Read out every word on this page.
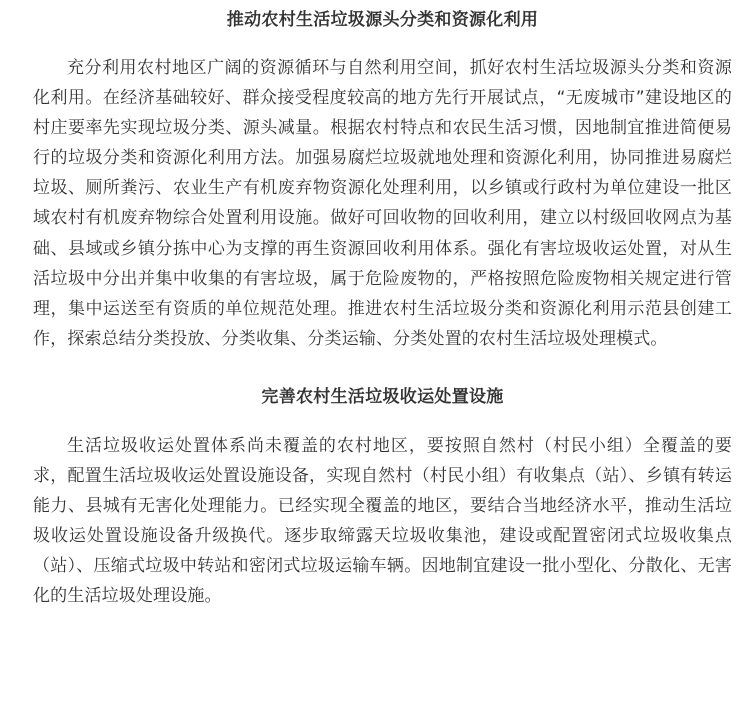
推动农村生活垃圾源头分类和资源化利用

充分利用农村地区广阔的资源循环与自然利用空间，抓好农村生活垃圾源头分类和资源化利用。在经济基础较好、群众接受程度较高的地方先行开展试点，“无废城市”建设地区的村庄要率先实现垃圾分类、源头减量。根据农村特点和农民生活习惯，因地制宜推进简便易行的垃圾分类和资源化利用方法。加强易腐烂垃圾就地处理和资源化利用，协同推进易腐烂垃圾、厕所粪污、农业生产有机废弃物资源化处理利用，以乡镇或行政村为单位建设一批区域农村有机废弃物综合处置利用设施。做好可回收物的回收利用，建立以村级回收网点为基础、县域或乡镇分拣中心为支撑的再生资源回收利用体系。强化有害垃圾收运处置，对从生活垃圾中分出并集中收集的有害垃圾，属于危险废物的，严格按照危险废物相关规定进行管理，集中运送至有资质的单位规范处理。推进农村生活垃圾分类和资源化利用示范县创建工作，探索总结分类投放、分类收集、分类运输、分类处置的农村生活垃圾处理模式。

完善农村生活垃圾收运处置设施

生活垃圾收运处置体系尚未覆盖的农村地区，要按照自然村（村民小组）全覆盖的要求，配置生活垃圾收运处置设施设备，实现自然村（村民小组）有收集点（站）、乡镇有转运能力、县城有无害化处理能力。已经实现全覆盖的地区，要结合当地经济水平，推动生活垃圾收运处置设施设备升级换代。逐步取缔露天垃圾收集池，建设或配置密闭式垃圾收集点（站）、压缩式垃圾中转站和密闭式垃圾运输车辆。因地制宜建设一批小型化、分散化、无害化的生活垃圾处理设施。
